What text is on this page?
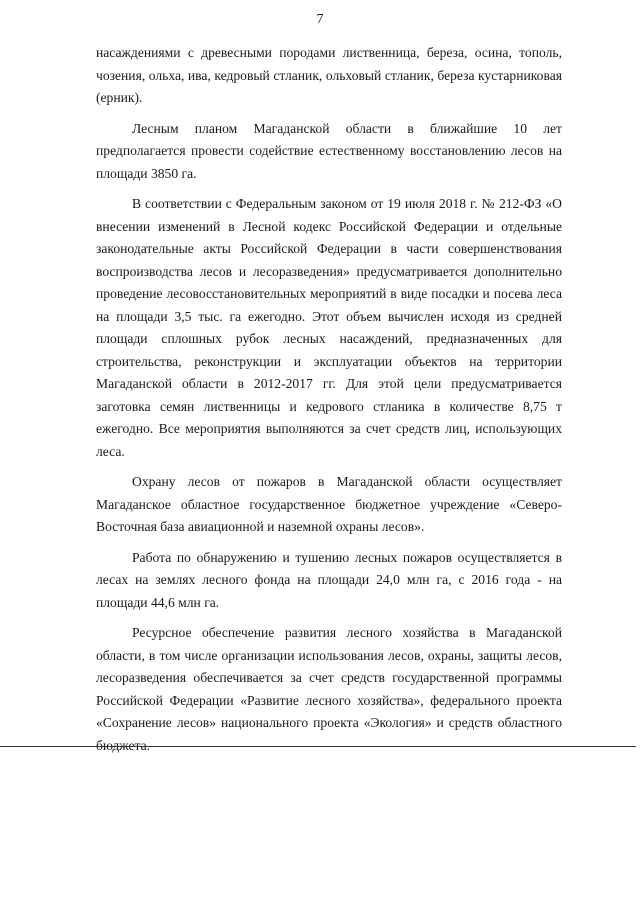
7

насаждениями с древесными породами лиственница, береза, осина, тополь, чозения, ольха, ива, кедровый стланик, ольховый стланик, береза кустарниковая (ерник).

Лесным планом Магаданской области в ближайшие 10 лет предполагается провести содействие естественному восстановлению лесов на площади 3850 га.

В соответствии с Федеральным законом от 19 июля 2018 г. № 212-ФЗ «О внесении изменений в Лесной кодекс Российской Федерации и отдельные законодательные акты Российской Федерации в части совершенствования воспроизводства лесов и лесоразведения» предусматривается дополнительно проведение лесовосстановительных мероприятий в виде посадки и посева леса на площади 3,5 тыс. га ежегодно. Этот объем вычислен исходя из средней площади сплошных рубок лесных насаждений, предназначенных для строительства, реконструкции и эксплуатации объектов на территории Магаданской области в 2012-2017 гг. Для этой цели предусматривается заготовка семян лиственницы и кедрового стланика в количестве 8,75 т ежегодно. Все мероприятия выполняются за счет средств лиц, использующих леса.

Охрану лесов от пожаров в Магаданской области осуществляет Магаданское областное государственное бюджетное учреждение «Северо-Восточная база авиационной и наземной охраны лесов».

Работа по обнаружению и тушению лесных пожаров осуществляется в лесах на землях лесного фонда на площади 24,0 млн га, с 2016 года - на площади 44,6 млн га.

Ресурсное обеспечение развития лесного хозяйства в Магаданской области, в том числе организации использования лесов, охраны, защиты лесов, лесоразведения обеспечивается за счет средств государственной программы Российской Федерации «Развитие лесного хозяйства», федерального проекта «Сохранение лесов» национального проекта «Экология» и средств областного бюджета.
